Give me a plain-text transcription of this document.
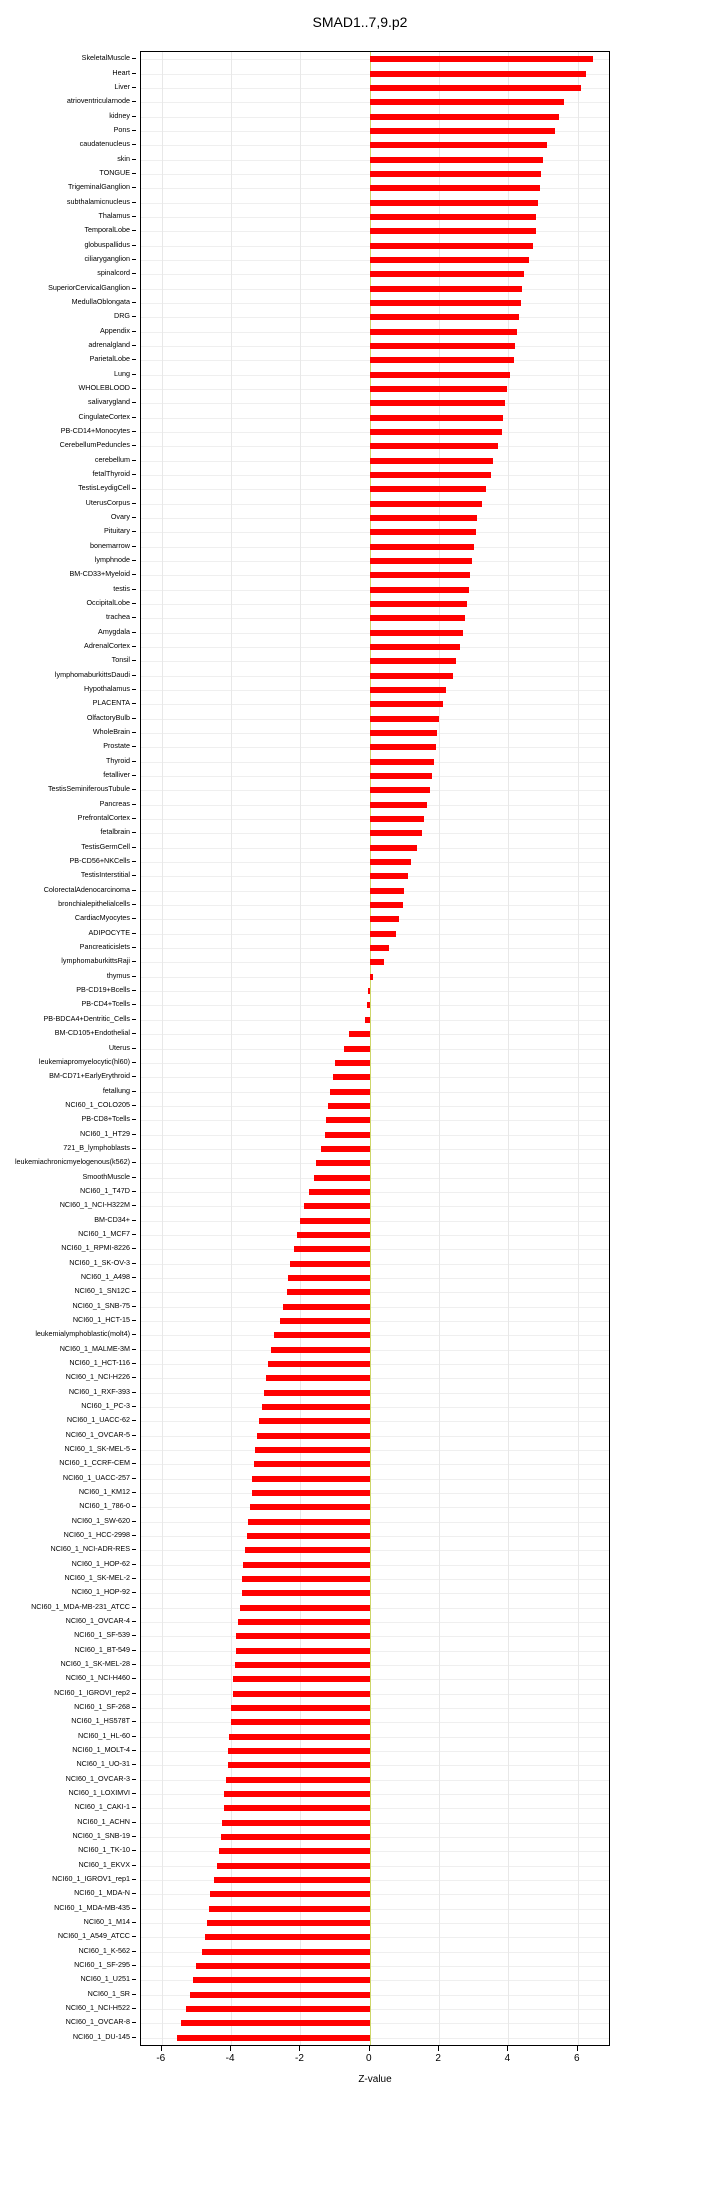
SMAD1..7,9.p2
SkeletalMuscle
Heart
Liver
atrioventricularnode
kidney
Pons
caudatenucleus
skin
TONGUE
TrigeminalGanglion
subthalamicnucleus
Thalamus
TemporalLobe
globuspallidus
ciliaryganglion
spinalcord
SuperiorCervicalGanglion
MedullaOblongata
DRG
Appendix
adrenalgland
ParietalLobe
Lung
WHOLEBLOOD
salivarygland
CingulateCortex
PB-CD14+Monocytes
CerebellumPeduncles
cerebellum
fetalThyroid
TestisLeydigCell
UterusCorpus
Ovary
Pituitary
bonemarrow
lymphnode
BM-CD33+Myeloid
testis
OccipitalLobe
trachea
Amygdala
AdrenalCortex
Tonsil
lymphomaburkittsDaudi
Hypothalamus
PLACENTA
OlfactoryBulb
WholeBrain
Prostate
Thyroid
fetalliver
TestisSeminiferousTubule
Pancreas
PrefrontalCortex
fetalbrain
TestisGermCell
PB-CD56+NKCells
TestisInterstitial
ColorectalAdenocarcinoma
bronchialepithelialcells
CardiacMyocytes
ADIPOCYTE
Pancreaticislets
lymphomaburkittsRaji
thymus
PB-CD19+Bcells
PB-CD4+Tcells
PB-BDCA4+Dentritic_Cells
BM-CD105+Endothelial
Uterus
leukemiapromyelocytic(hl60)
BM-CD71+EarlyErythroid
fetallung
NCI60_1_COLO205
PB-CD8+Tcells
NCI60_1_HT29
721_B_lymphoblasts
leukemiachronicmyelogenous(k562)
SmoothMuscle
NCI60_1_T47D
NCI60_1_NCI-H322M
BM-CD34+
NCI60_1_MCF7
NCI60_1_RPMI-8226
NCI60_1_SK-OV-3
NCI60_1_A498
NCI60_1_SN12C
NCI60_1_SNB-75
NCI60_1_HCT-15
leukemialymphoblastic(molt4)
NCI60_1_MALME-3M
NCI60_1_HCT-116
NCI60_1_NCI-H226
NCI60_1_RXF-393
NCI60_1_PC-3
NCI60_1_UACC-62
NCI60_1_OVCAR-5
NCI60_1_SK-MEL-5
NCI60_1_CCRF-CEM
NCI60_1_UACC-257
NCI60_1_KM12
NCI60_1_786-0
NCI60_1_SW-620
NCI60_1_HCC-2998
NCI60_1_NCI-ADR-RES
NCI60_1_HOP-62
NCI60_1_SK-MEL-2
NCI60_1_HOP-92
NCI60_1_MDA-MB-231_ATCC
NCI60_1_OVCAR-4
NCI60_1_SF-539
NCI60_1_BT-549
NCI60_1_SK-MEL-28
NCI60_1_NCI-H460
NCI60_1_IGROVI_rep2
NCI60_1_SF-268
NCI60_1_HS578T
NCI60_1_HL-60
NCI60_1_MOLT-4
NCI60_1_UO-31
NCI60_1_OVCAR-3
NCI60_1_LOXIMVI
NCI60_1_CAKI-1
NCI60_1_ACHN
NCI60_1_SNB-19
NCI60_1_TK-10
NCI60_1_EKVX
NCI60_1_IGROV1_rep1
NCI60_1_MDA-N
NCI60_1_MDA-MB-435
NCI60_1_M14
NCI60_1_A549_ATCC
NCI60_1_K-562
NCI60_1_SF-295
NCI60_1_U251
NCI60_1_SR
NCI60_1_NCI-H522
NCI60_1_OVCAR-8
NCI60_1_DU-145
-6	-4	-2	0	2	4	6
Z-value
